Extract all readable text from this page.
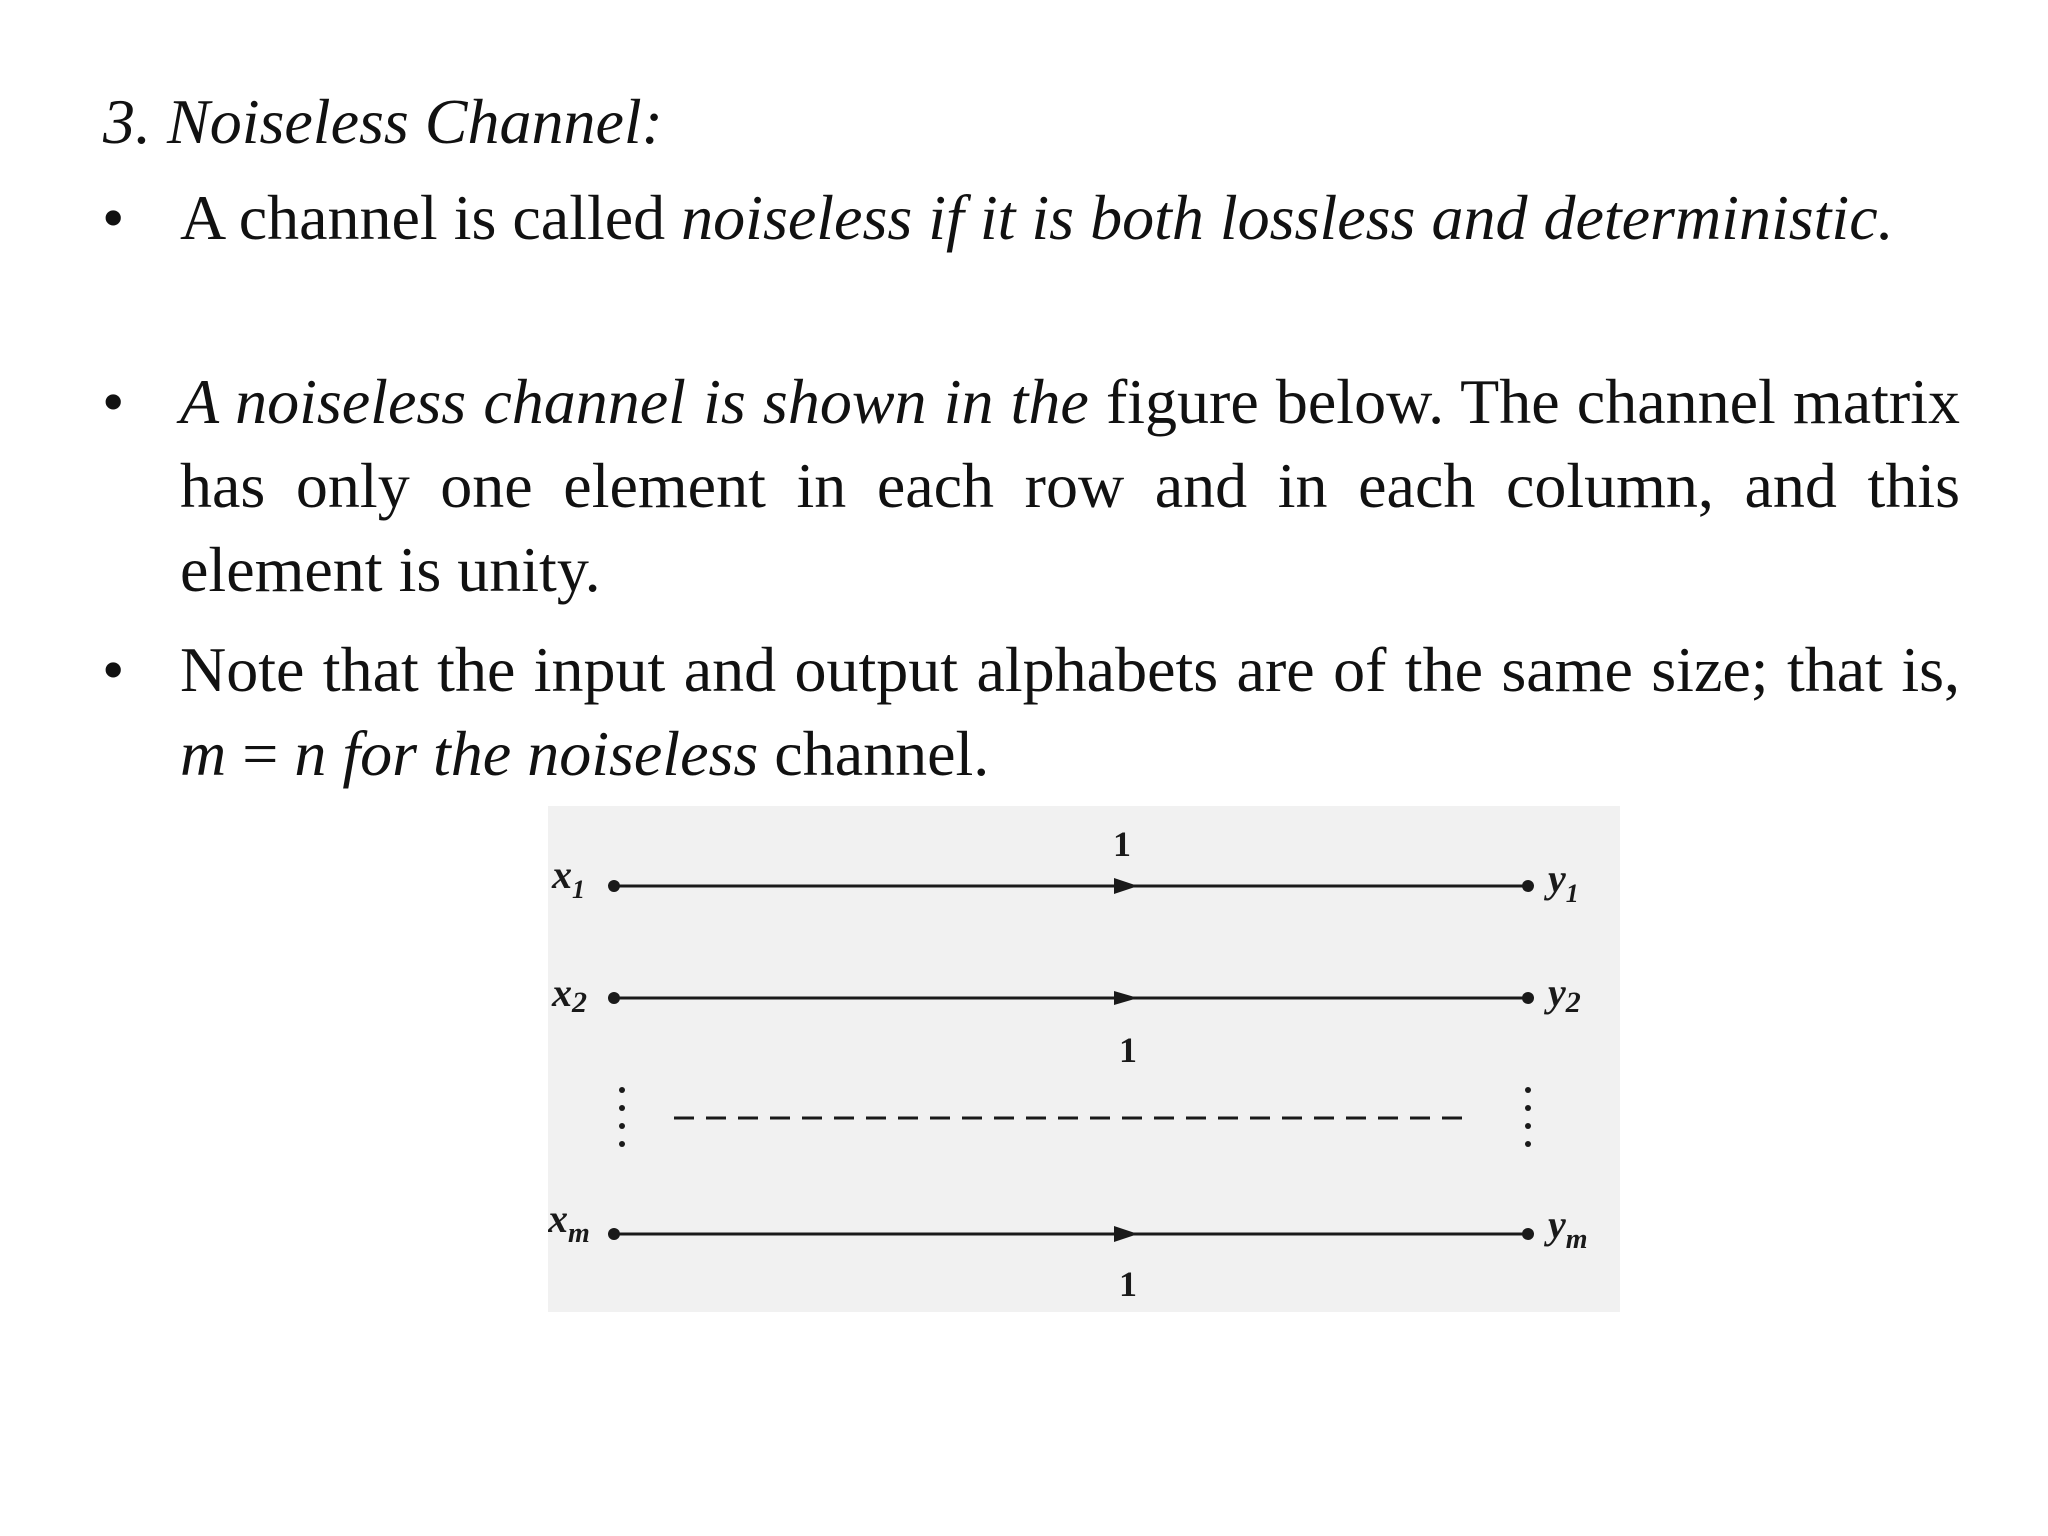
3. Noiseless Channel:
• A channel is called noiseless if it is both lossless and deterministic.
• A noiseless channel is shown in the figure below. The channel matrix has only one element in each row and in each column, and this element is unity.
• Note that the input and output alphabets are of the same size; that is, m = n for the noiseless channel.
$x_1$	$y_1$
1
x2	y2
1
$x_m$	$y_m$
1
